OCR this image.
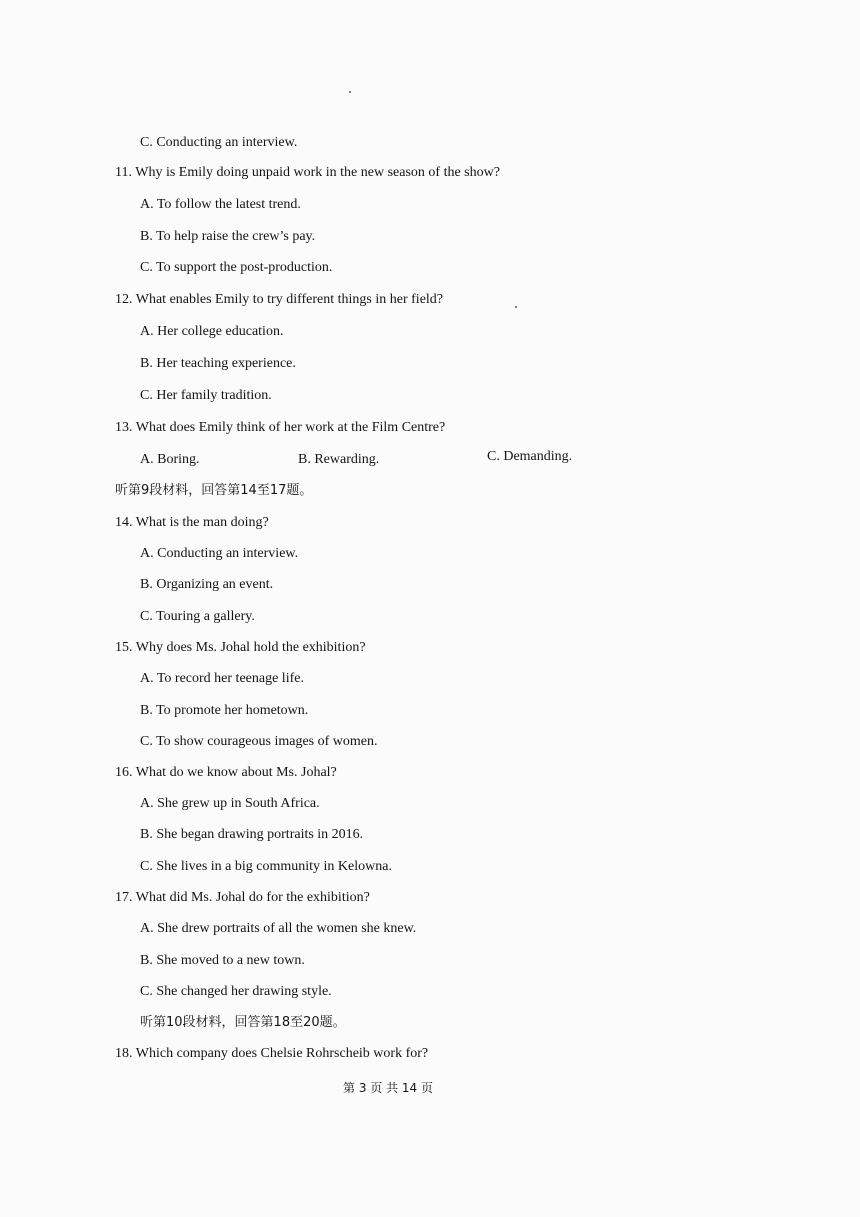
C. Conducting an interview.
11. Why is Emily doing unpaid work in the new season of the show?
A. To follow the latest trend.
B. To help raise the crew’s pay.
C. To support the post-production.
12. What enables Emily to try different things in her field?
A. Her college education.
B. Her teaching experience.
C. Her family tradition.
13. What does Emily think of her work at the Film Centre?
A. Boring.	B. Rewarding.	C. Demanding.
听第9段材料，回答第14至17题。
14. What is the man doing?
A. Conducting an interview.
B. Organizing an event.
C. Touring a gallery.
15. Why does Ms. Johal hold the exhibition?
A. To record her teenage life.
B. To promote her hometown.
C. To show courageous images of women.
16. What do we know about Ms. Johal?
A. She grew up in South Africa.
B. She began drawing portraits in 2016.
C. She lives in a big community in Kelowna.
17. What did Ms. Johal do for the exhibition?
A. She drew portraits of all the women she knew.
B. She moved to a new town.
C. She changed her drawing style.
听第10段材料，回答第18至20题。
18. Which company does Chelsie Rohrscheib work for?
第 3 页 共 14 页
